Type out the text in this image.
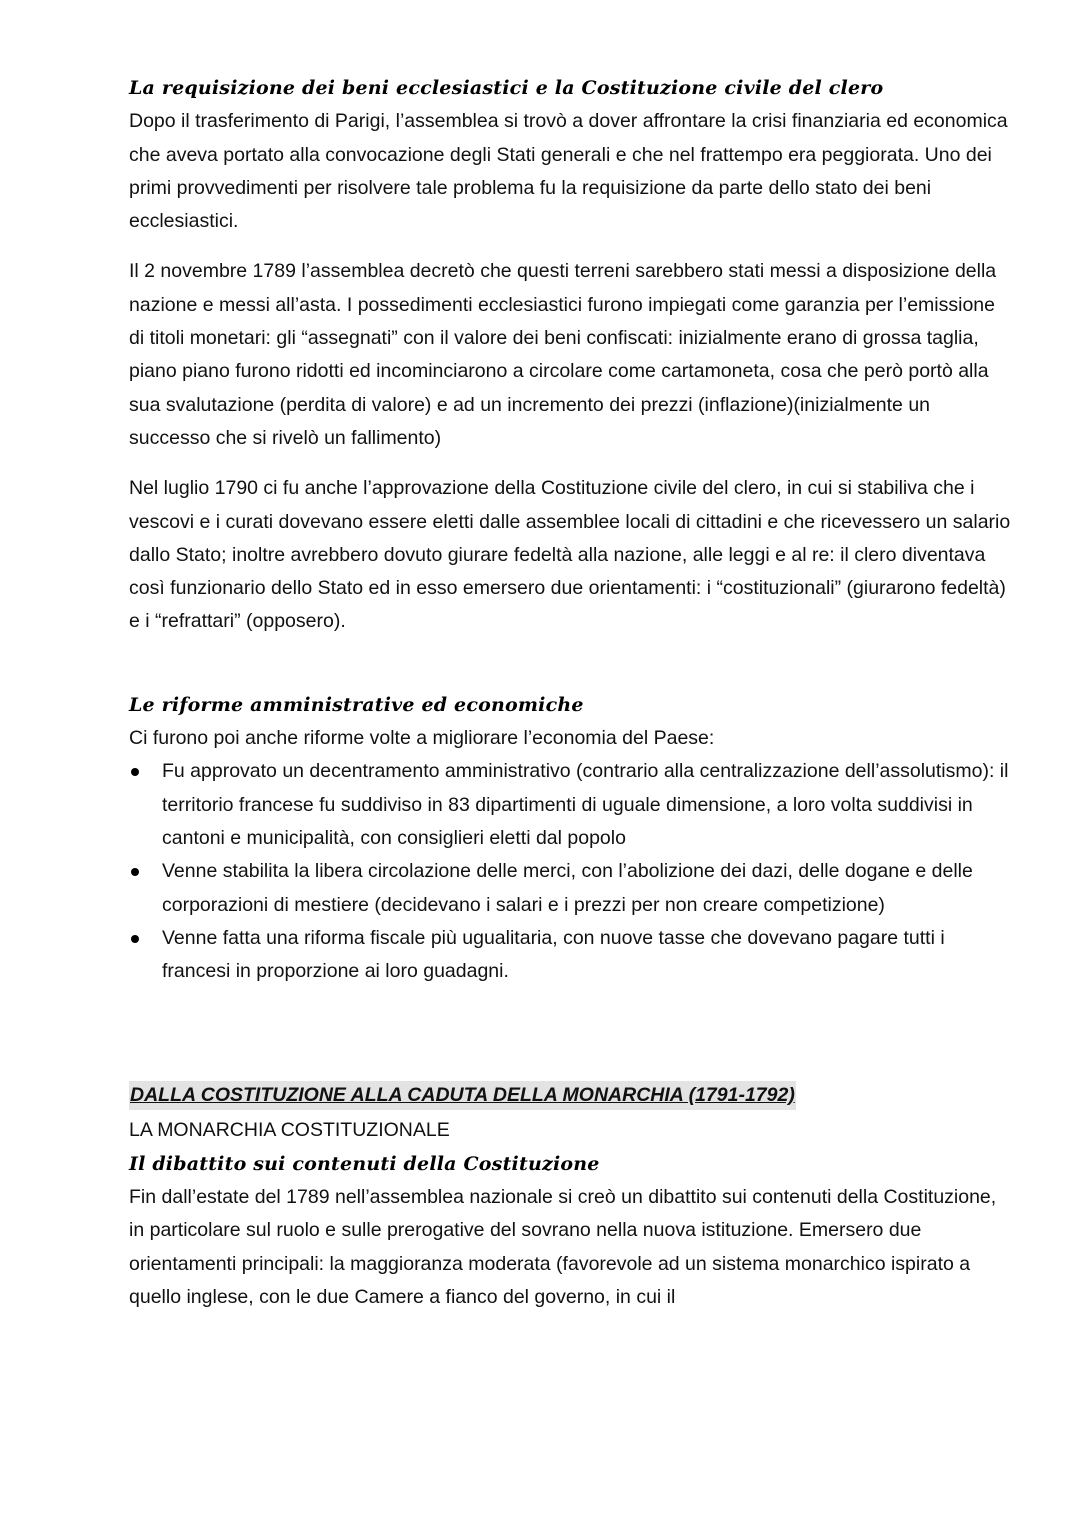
La requisizione dei beni ecclesiastici e la Costituzione civile del clero

Dopo il trasferimento di Parigi, l’assemblea si trovò a dover affrontare la crisi finanziaria ed economica che aveva portato alla convocazione degli Stati generali e che nel frattempo era peggiorata. Uno dei primi provvedimenti per risolvere tale problema fu la requisizione da parte dello stato dei beni ecclesiastici.

Il 2 novembre 1789 l’assemblea decretò che questi terreni sarebbero stati messi a disposizione della nazione e messi all’asta. I possedimenti ecclesiastici furono impiegati come garanzia per l’emissione di titoli monetari: gli “assegnati” con il valore dei beni confiscati: inizialmente erano di grossa taglia, piano piano furono ridotti ed incominciarono a circolare come cartamoneta, cosa che però portò alla sua svalutazione (perdita di valore) e ad un incremento dei prezzi (inflazione)(inizialmente un successo che si rivelò un fallimento)

Nel luglio 1790 ci fu anche l’approvazione della Costituzione civile del clero, in cui si stabiliva che i vescovi e i curati dovevano essere eletti dalle assemblee locali di cittadini e che ricevessero un salario dallo Stato; inoltre avrebbero dovuto giurare fedeltà alla nazione, alle leggi e al re: il clero diventava così funzionario dello Stato ed in esso emersero due orientamenti: i “costituzionali” (giurarono fedeltà) e i “refrattari” (opposero).

Le riforme amministrative ed economiche

Ci furono poi anche riforme volte a migliorare l’economia del Paese:

Fu approvato un decentramento amministrativo (contrario alla centralizzazione dell’assolutismo): il territorio francese fu suddiviso in 83 dipartimenti di uguale dimensione, a loro volta suddivisi in cantoni e municipalità, con consiglieri eletti dal popolo
Venne stabilita la libera circolazione delle merci, con l’abolizione dei dazi, delle dogane e delle corporazioni di mestiere (decidevano i salari e i prezzi per non creare competizione)
Venne fatta una riforma fiscale più ugualitaria, con nuove tasse che dovevano pagare tutti i francesi in proporzione ai loro guadagni.
DALLA COSTITUZIONE ALLA CADUTA DELLA MONARCHIA (1791-1792)
LA MONARCHIA COSTITUZIONALE
Il dibattito sui contenuti della Costituzione

Fin dall’estate del 1789 nell’assemblea nazionale si creò un dibattito sui contenuti della Costituzione, in particolare sul ruolo e sulle prerogative del sovrano nella nuova istituzione. Emersero due orientamenti principali: la maggioranza moderata (favorevole ad un sistema monarchico ispirato a quello inglese, con le due Camere a fianco del governo, in cui il
